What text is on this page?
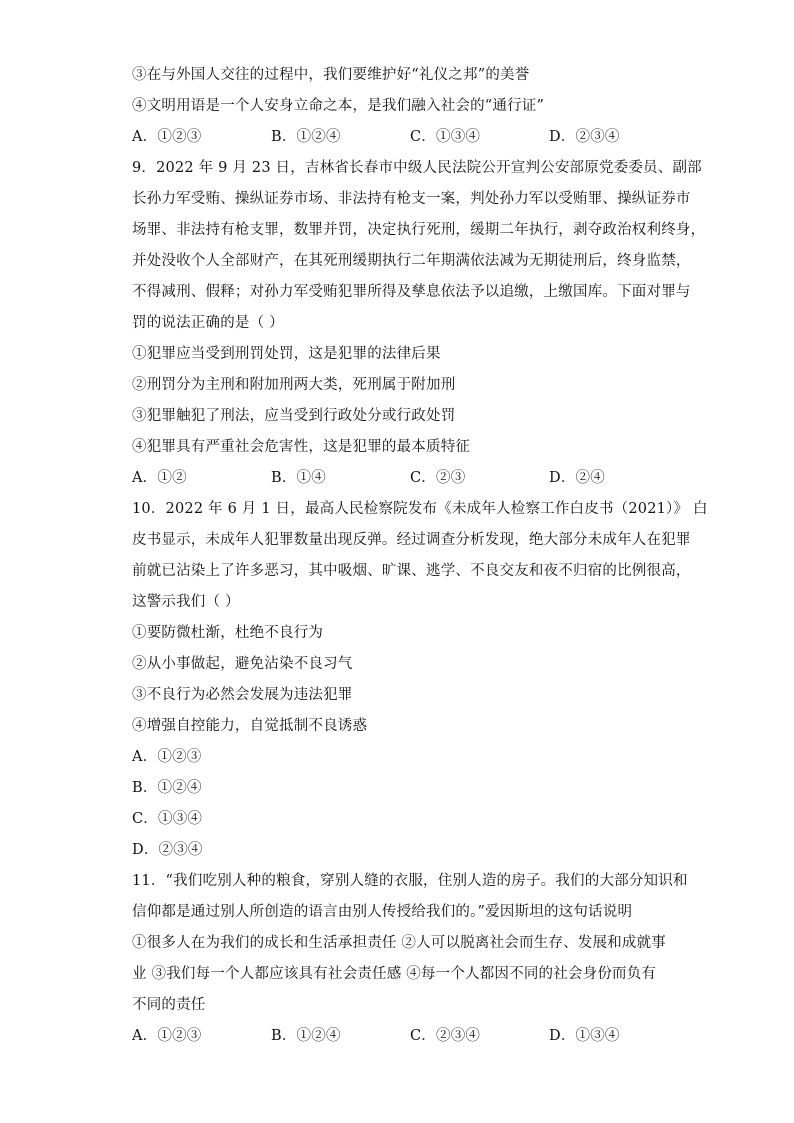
③在与外国人交往的过程中，我们要维护好“礼仪之邦”的美誉
④文明用语是一个人安身立命之本，是我们融入社会的“通行证”
A．①②③	B．①②④	C．①③④	D．②③④
9．2022 年 9 月 23 日，吉林省长春市中级人民法院公开宣判公安部原党委委员、副部
长孙力军受贿、操纵证券市场、非法持有枪支一案，判处孙力军以受贿罪、操纵证券市
场罪、非法持有枪支罪，数罪并罚，决定执行死刑，缓期二年执行，剥夺政治权利终身，
并处没收个人全部财产，在其死刑缓期执行二年期满依法减为无期徒刑后，终身监禁，
不得减刑、假释；对孙力军受贿犯罪所得及孳息依法予以追缴，上缴国库。下面对罪与
罚的说法正确的是（ ）
①犯罪应当受到刑罚处罚，这是犯罪的法律后果
②刑罚分为主刑和附加刑两大类，死刑属于附加刑
③犯罪触犯了刑法，应当受到行政处分或行政处罚
④犯罪具有严重社会危害性，这是犯罪的最本质特征
A．①②	B．①④	C．②③	D．②④
10．2022 年 6 月 1 日，最高人民检察院发布《未成年人检察工作白皮书（2021）》 白
皮书显示，未成年人犯罪数量出现反弹。经过调查分析发现，绝大部分未成年人在犯罪
前就已沾染上了许多恶习，其中吸烟、旷课、逃学、不良交友和夜不归宿的比例很高，
这警示我们（ ）
①要防微杜渐，杜绝不良行为
②从小事做起，避免沾染不良习气
③不良行为必然会发展为违法犯罪
④增强自控能力，自觉抵制不良诱惑
A．①②③
B．①②④
C．①③④
D．②③④
11．“我们吃别人种的粮食，穿别人缝的衣服，住别人造的房子。我们的大部分知识和
信仰都是通过别人所创造的语言由别人传授给我们的。”爱因斯坦的这句话说明
①很多人在为我们的成长和生活承担责任 ②人可以脱离社会而生存、发展和成就事
业 ③我们每一个人都应该具有社会责任感 ④每一个人都因不同的社会身份而负有
不同的责任
A．①②③	B．①②④	C．②③④	D．①③④
